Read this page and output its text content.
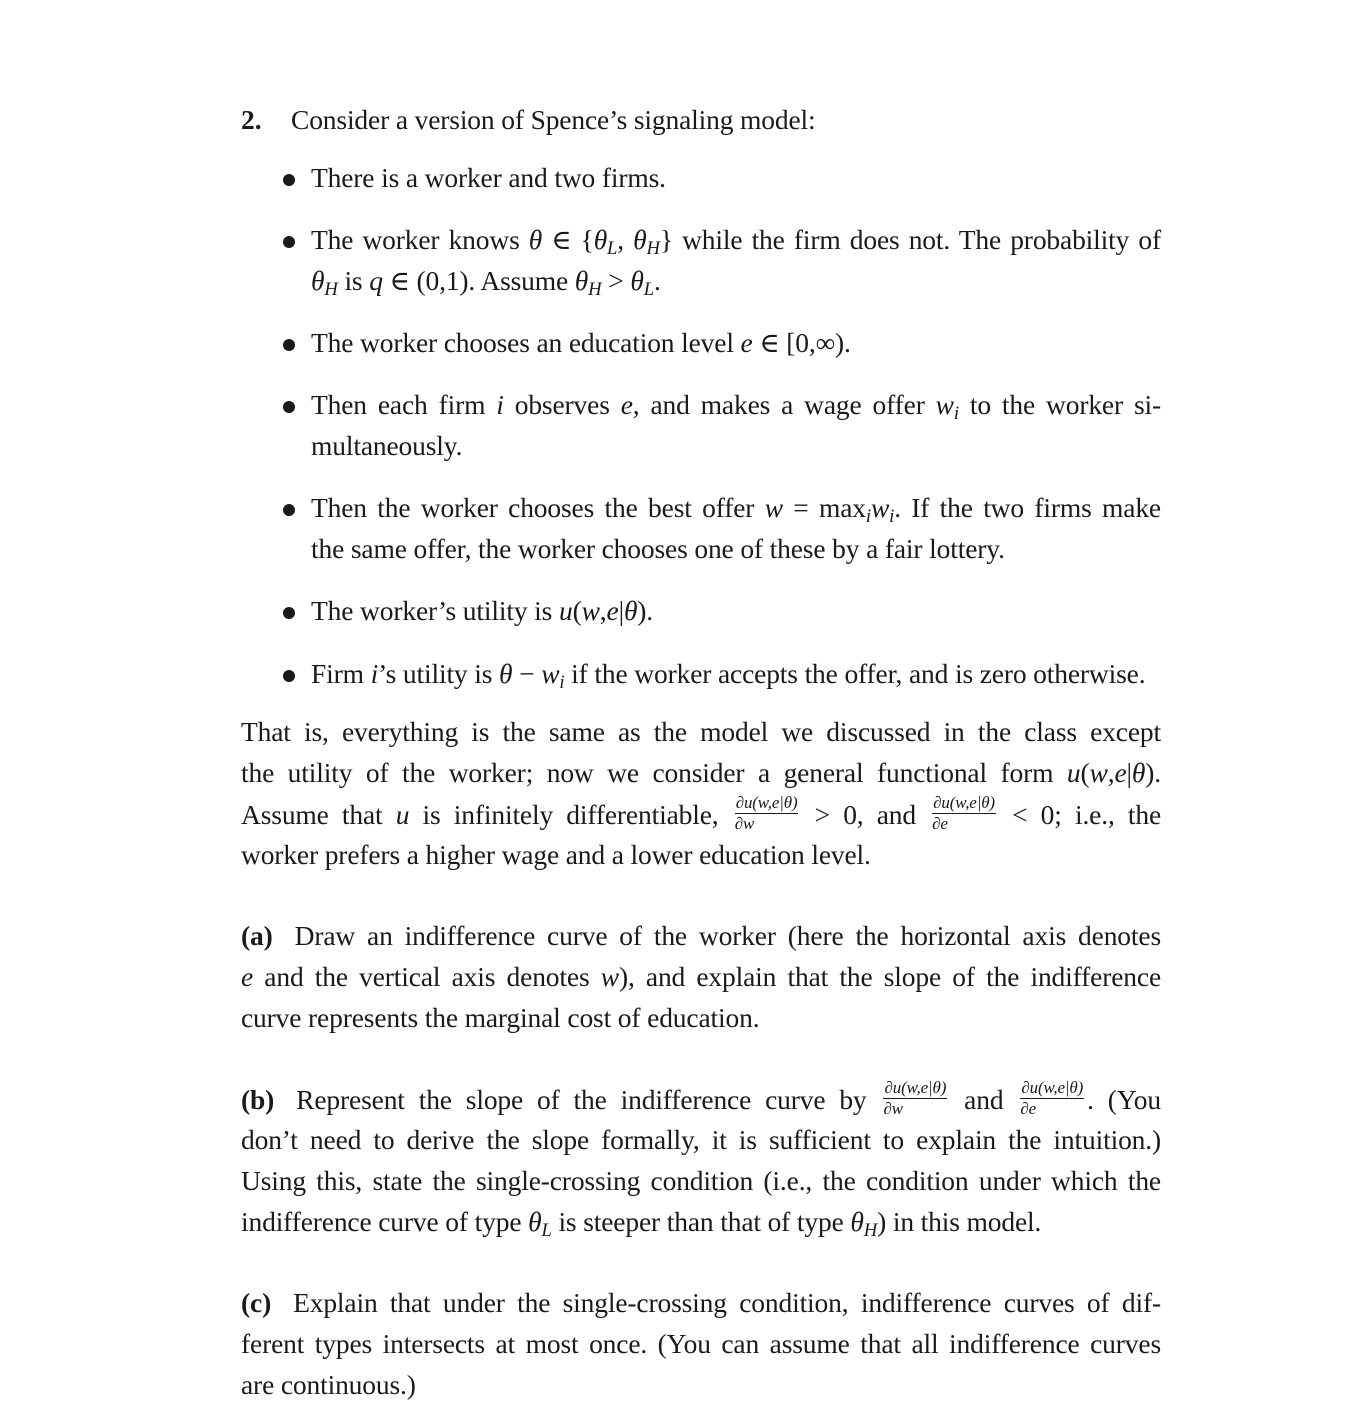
2. Consider a version of Spence’s signaling model:
There is a worker and two firms.
The worker knows θ ∈ {$\theta_L$, $\theta_H$} while the firm does not. The probability of
$\theta_H$ is q ∈ (0,1). Assume $\theta_H > \theta_L$.
The worker chooses an education level e ∈ [0,∞).
Then each firm i observes e, and makes a wage offer $w_i$ to the worker si-
multaneously.
Then the worker chooses the best offer $w = \max_iw_i$. If the two firms make
the same offer, the worker chooses one of these by a fair lottery.
The worker’s utility is u(w,e|θ).
Firm i’s utility is $\theta - w_i$ if the worker accepts the offer, and is zero otherwise.
That is, everything is the same as the model we discussed in the class except
the utility of the worker; now we consider a general functional form u(w,e|θ).
Assume that u is infinitely differentiable, $\frac{\partial u(w,e|\theta)}{\partial w} > 0$, and $\frac{\partial u(w,e|\theta)}{\partial e} < 0$; i.e., the
worker prefers a higher wage and a lower education level.
(a) Draw an indifference curve of the worker (here the horizontal axis denotes
e and the vertical axis denotes w), and explain that the slope of the indifference
curve represents the marginal cost of education.
(b) Represent the slope of the indifference curve by $\frac{\partial u(w,e|\theta)}{\partial w}$ and $\frac{\partial u(w,e|\theta)}{\partial e}$ . (You
don’t need to derive the slope formally, it is sufficient to explain the intuition.)
Using this, state the single-crossing condition (i.e., the condition under which the
indifference curve of type $\theta_L$ is steeper than that of type $\theta_H$) in this model.
(c) Explain that under the single-crossing condition, indifference curves of dif-
ferent types intersects at most once. (You can assume that all indifference curves
are continuous.)
